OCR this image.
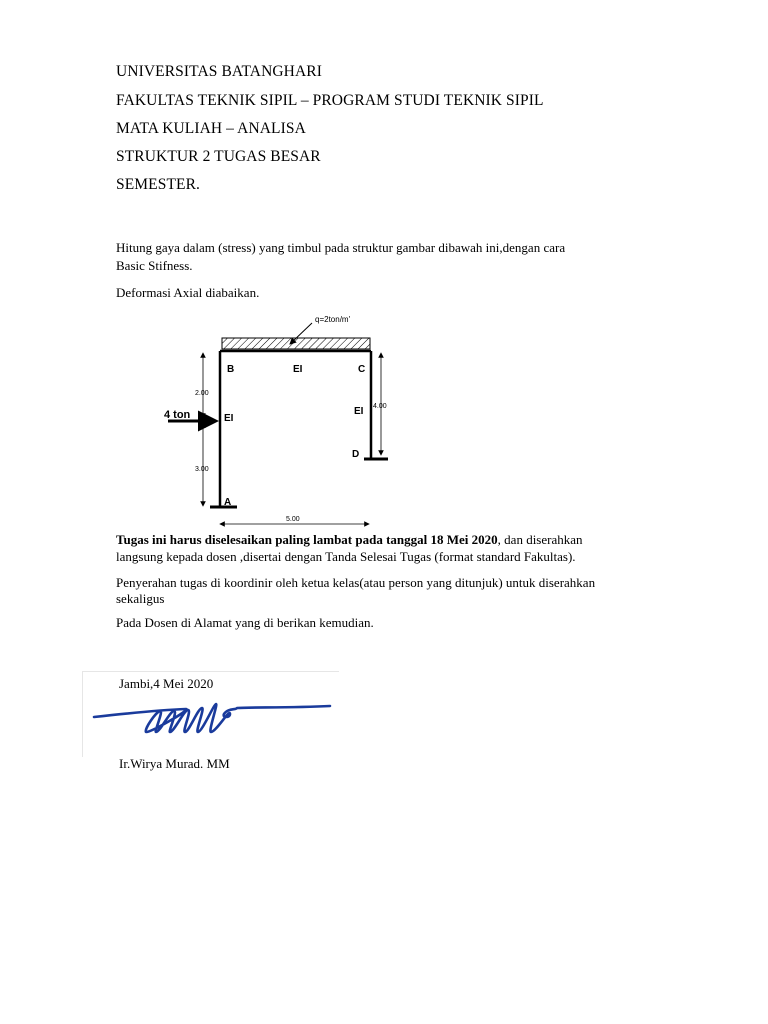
UNIVERSITAS BATANGHARI
FAKULTAS TEKNIK SIPIL – PROGRAM STUDI TEKNIK SIPIL
MATA KULIAH – ANALISA
STRUKTUR 2 TUGAS BESAR
SEMESTER.
Hitung gaya dalam (stress) yang timbul pada struktur gambar dibawah ini,dengan cara
Basic Stifness.
Deformasi Axial diabaikan.
q=2ton/m'
B	C
D
A
EI
EI
EI
2.00
3.00
4.00
5.00
4 ton
Tugas ini harus diselesaikan paling lambat pada tanggal 18 Mei 2020, dan diserahkan
langsung kepada dosen ,disertai dengan Tanda Selesai Tugas (format standard Fakultas).
Penyerahan tugas di koordinir oleh ketua kelas(atau person yang ditunjuk) untuk diserahkan
sekaligus
Pada Dosen di Alamat yang di berikan kemudian.
Jambi,4 Mei 2020
Ir.Wirya Murad. MM
